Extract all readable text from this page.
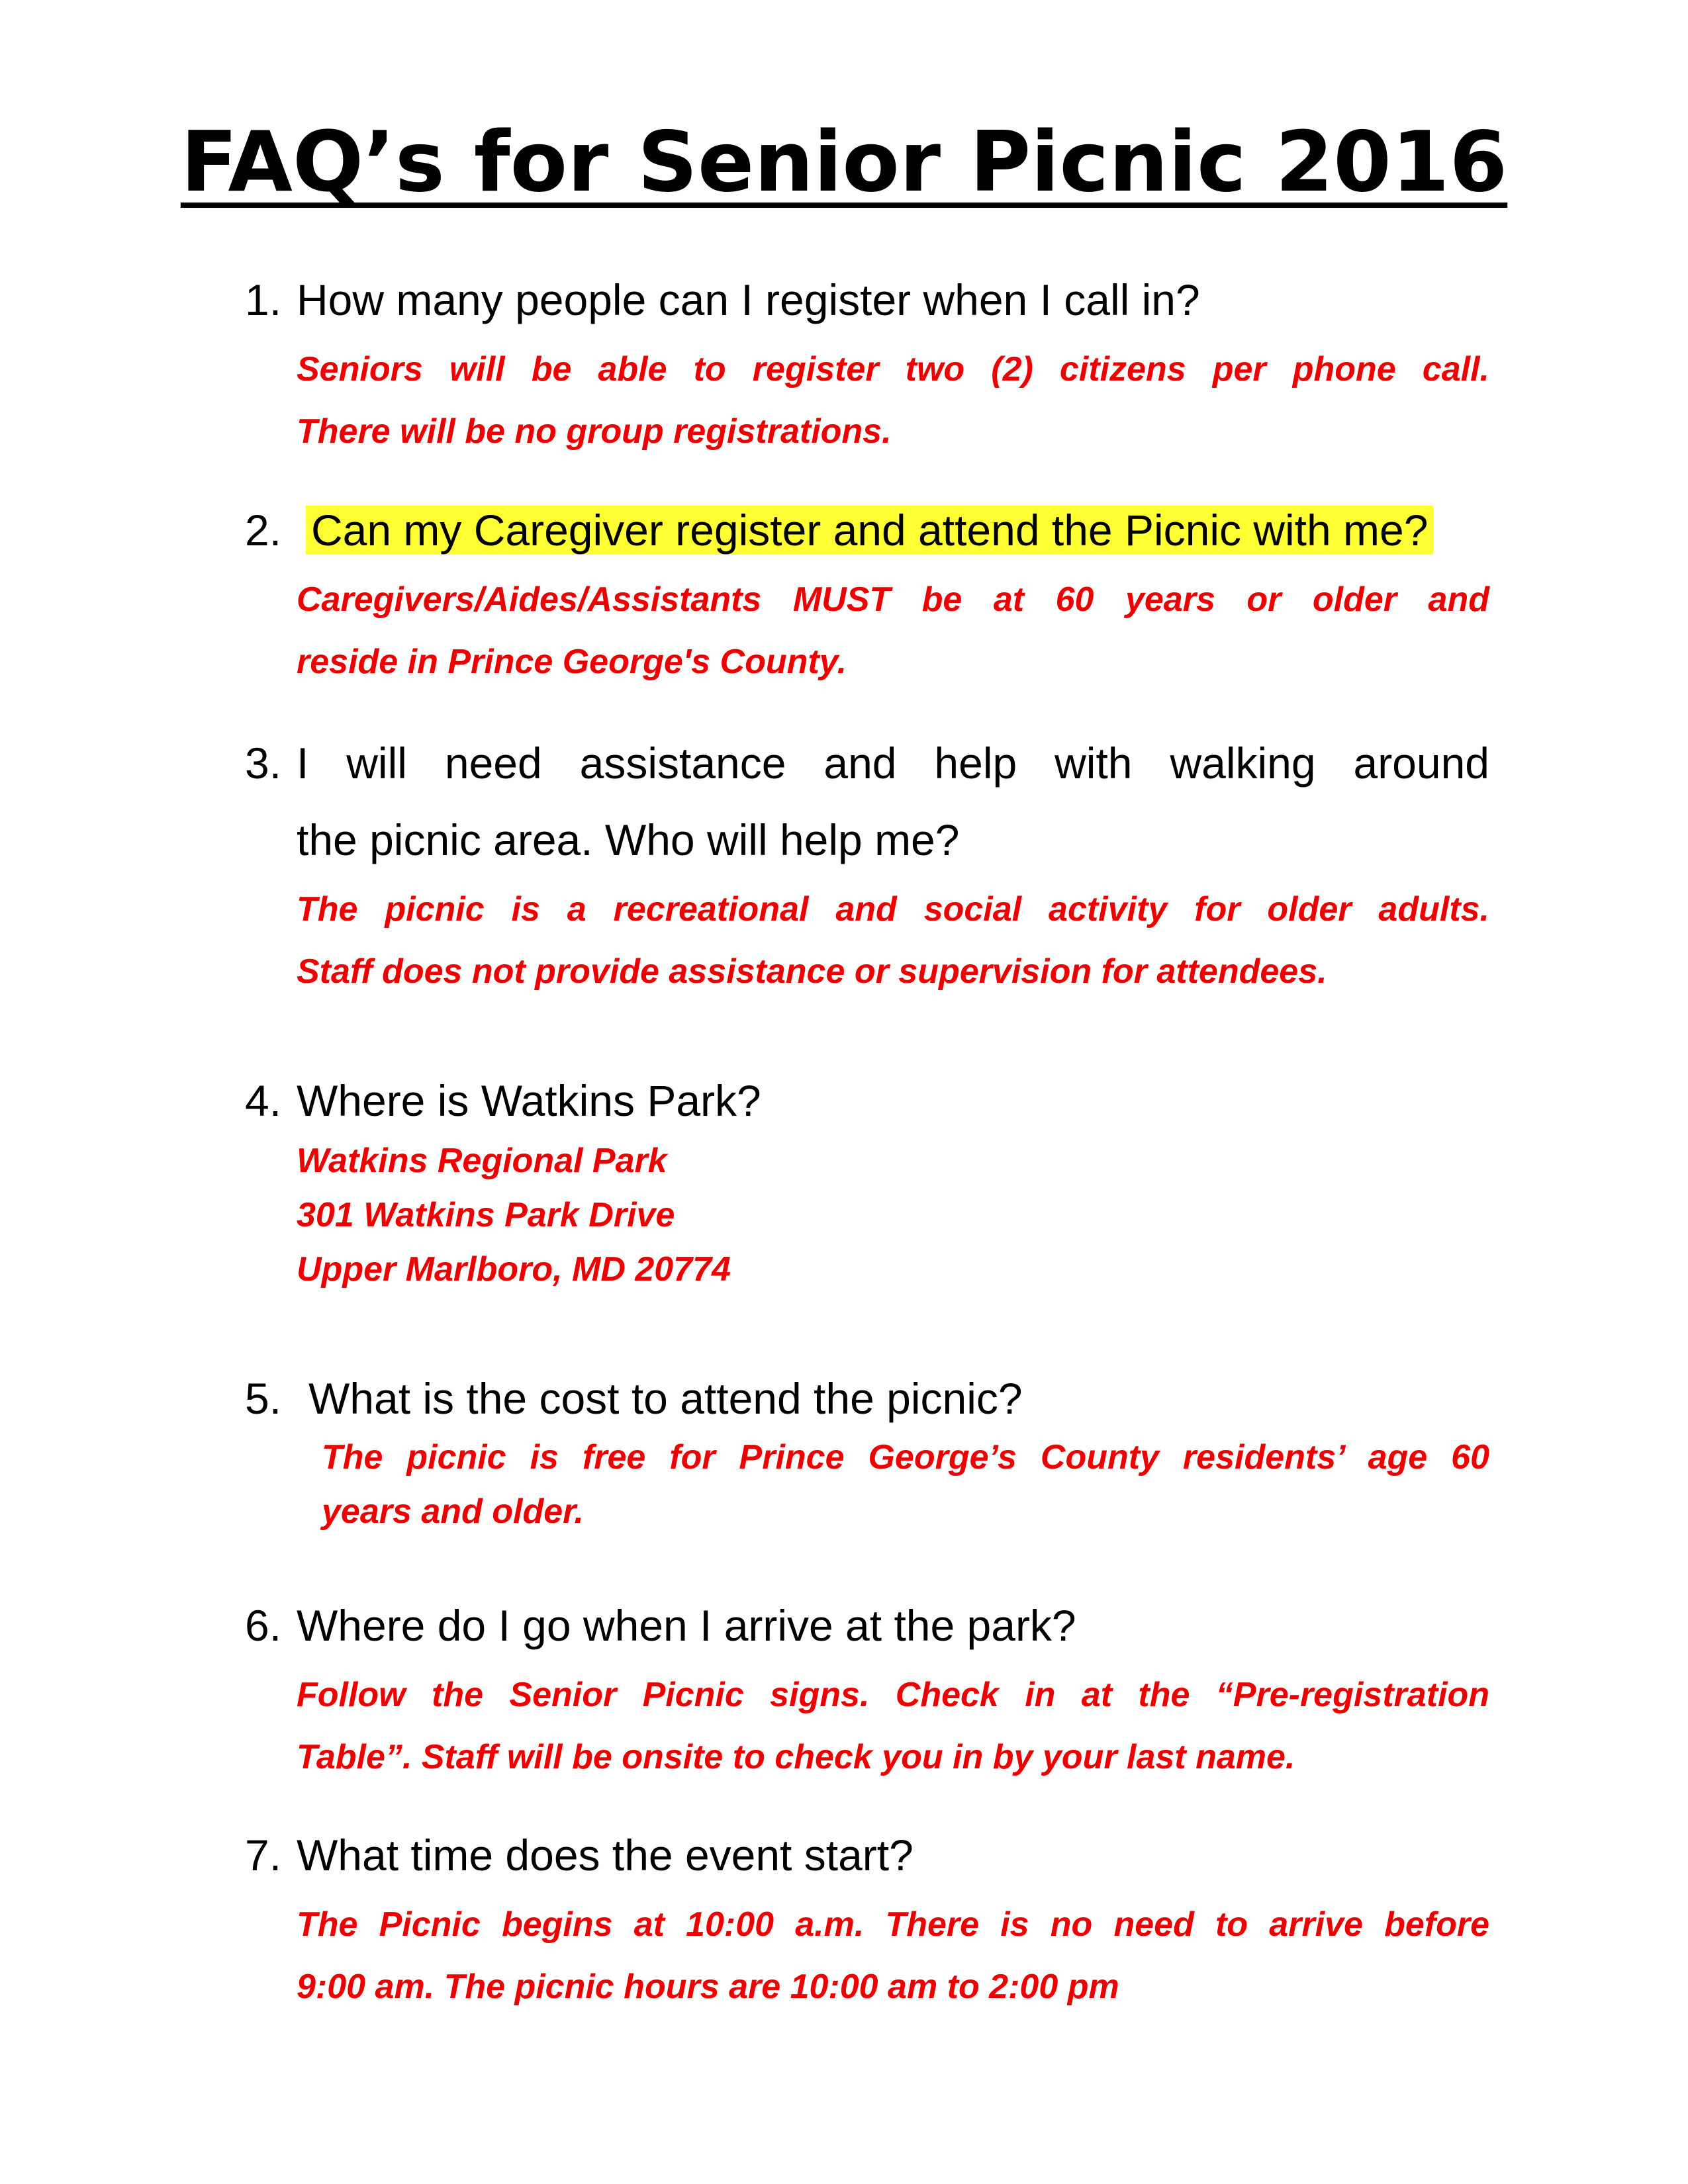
FAQ’s for Senior Picnic 2016
1. How many people can I register when I call in?
Seniors will be able to register two (2) citizens per phone call.
There will be no group registrations.
2. Can my Caregiver register and attend the Picnic with me?
Caregivers/Aides/Assistants MUST be at 60 years or older and
reside in Prince George's County.
3. I will need assistance and help with walking around
the picnic area. Who will help me?
The picnic is a recreational and social activity for older adults.
Staff does not provide assistance or supervision for attendees.
4. Where is Watkins Park?
Watkins Regional Park
301 Watkins Park Drive
Upper Marlboro, MD 20774
5. What is the cost to attend the picnic?
The picnic is free for Prince George’s County residents’ age 60
years and older.
6. Where do I go when I arrive at the park?
Follow the Senior Picnic signs. Check in at the “Pre-registration
Table”. Staff will be onsite to check you in by your last name.
7. What time does the event start?
The Picnic begins at 10:00 a.m. There is no need to arrive before
9:00 am. The picnic hours are 10:00 am to 2:00 pm
